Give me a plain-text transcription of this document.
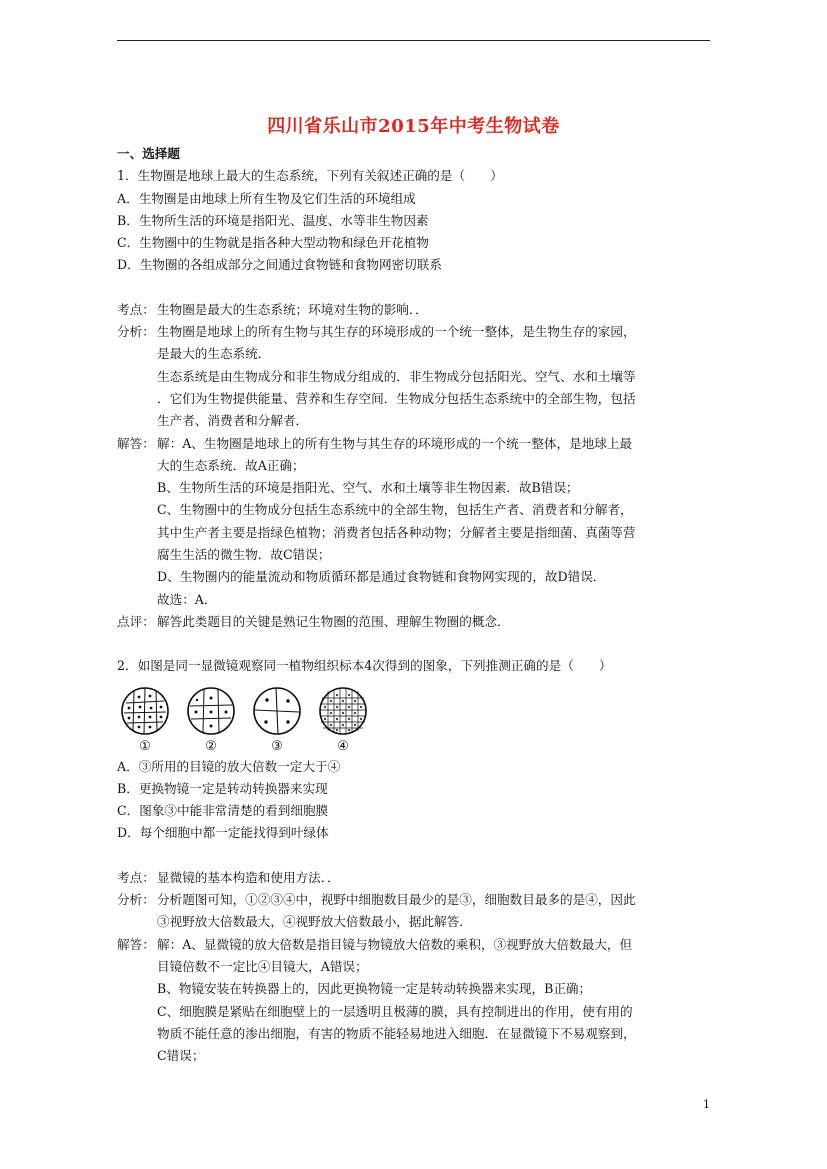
四川省乐山市2015年中考生物试卷

一、选择题

1．生物圈是地球上最大的生态系统，下列有关叙述正确的是（　　）

A．生物圈是由地球上所有生物及它们生活的环境组成

B．生物所生活的环境是指阳光、温度、水等非生物因素

C．生物圈中的生物就是指各种大型动物和绿色开花植物

D．生物圈的各组成部分之间通过食物链和食物网密切联系

考点： 生物圈是最大的生态系统；环境对生物的影响．．
分析： 生物圈是地球上的所有生物与其生存的环境形成的一个统一整体，是生物生存的家园，
是最大的生态系统．
生态系统是由生物成分和非生物成分组成的．非生物成分包括阳光、空气、水和土壤等
．它们为生物提供能量、营养和生存空间．生物成分包括生态系统中的全部生物，包括
生产者、消费者和分解者．
解答： 解：A、生物圈是地球上的所有生物与其生存的环境形成的一个统一整体，是地球上最
大的生态系统．故A正确；
B、生物所生活的环境是指阳光、空气、水和土壤等非生物因素．故B错误；
C、生物圈中的生物成分包括生态系统中的全部生物，包括生产者、消费者和分解者，
其中生产者主要是指绿色植物；消费者包括各种动物；分解者主要是指细菌、真菌等营
腐生生活的微生物．故C错误；
D、生物圈内的能量流动和物质循环都是通过食物链和食物网实现的，故D错误．
故选：A．
点评： 解答此类题目的关键是熟记生物圈的范围、理解生物圈的概念．

2．如图是同一显微镜观察同一植物组织标本4次得到的图象，下列推测正确的是（　　）

①	②	③	④

A．③所用的目镜的放大倍数一定大于④

B．更换物镜一定是转动转换器来实现

C．图象③中能非常清楚的看到细胞膜

D．每个细胞中都一定能找得到叶绿体

考点： 显微镜的基本构造和使用方法．．
分析： 分析题图可知，①②③④中，视野中细胞数目最少的是③，细胞数目最多的是④，因此
③视野放大倍数最大，④视野放大倍数最小，据此解答．
解答： 解：A、显微镜的放大倍数是指目镜与物镜放大倍数的乘积，③视野放大倍数最大，但
目镜倍数不一定比④目镜大，A错误；
B、物镜安装在转换器上的，因此更换物镜一定是转动转换器来实现，B正确；
C、细胞膜是紧贴在细胞壁上的一层透明且极薄的膜，具有控制进出的作用，使有用的
物质不能任意的渗出细胞，有害的物质不能轻易地进入细胞．在显微镜下不易观察到，
C错误；
1
